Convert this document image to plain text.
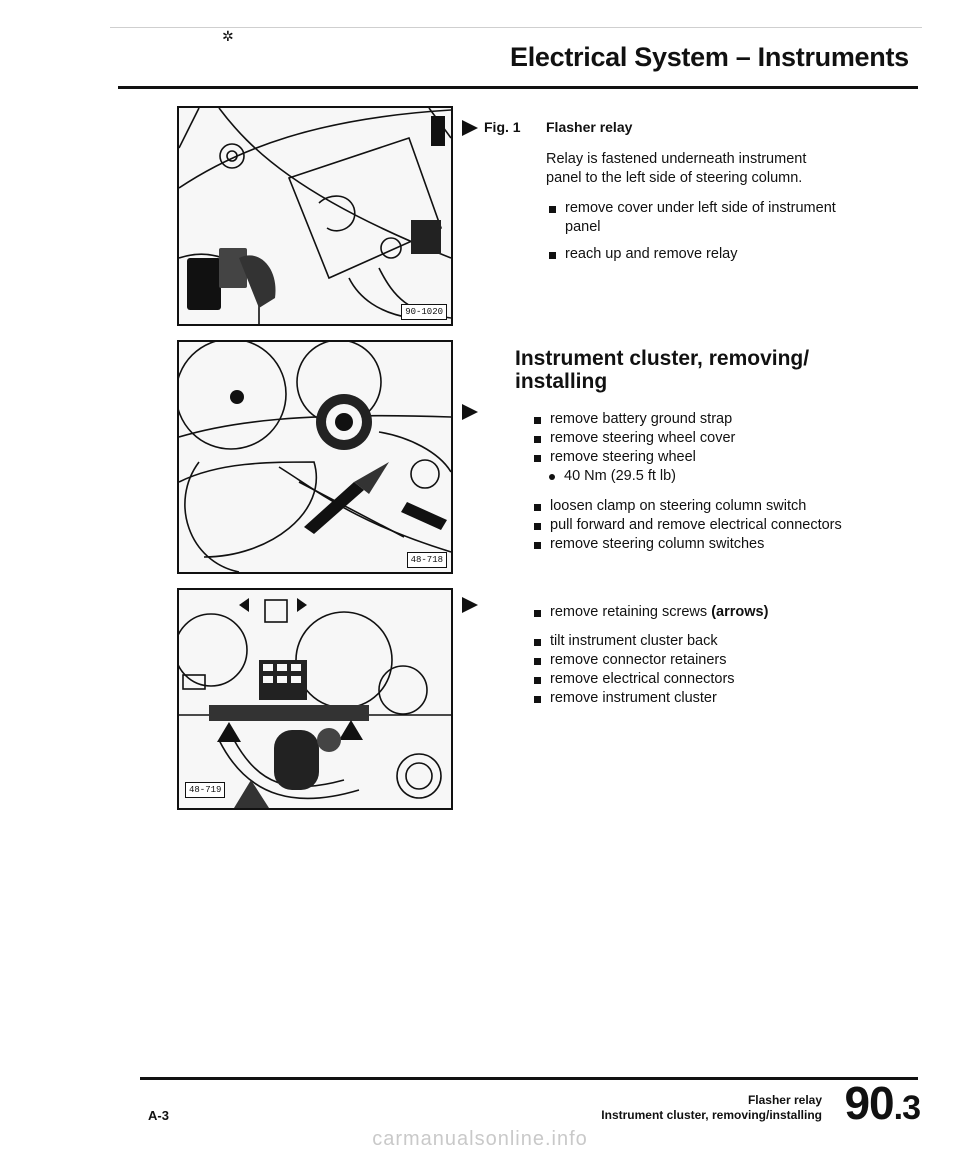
✲
Electrical System – Instruments
90-1020
48-718
48-719
Fig. 1 Flasher relay
Relay is fastened underneath instrument
panel to the left side of steering column.
remove cover under left side of instrument panel
reach up and remove relay
Instrument cluster, removing/
installing
remove battery ground strap
remove steering wheel cover
remove steering wheel
40 Nm (29.5 ft lb)
loosen clamp on steering column switch
pull forward and remove electrical connectors
remove steering column switches
remove retaining screws (arrows)
tilt instrument cluster back
remove connector retainers
remove electrical connectors
remove instrument cluster
A-3
Flasher relay
Instrument cluster, removing/installing 90.3
carmanualsonline.info
